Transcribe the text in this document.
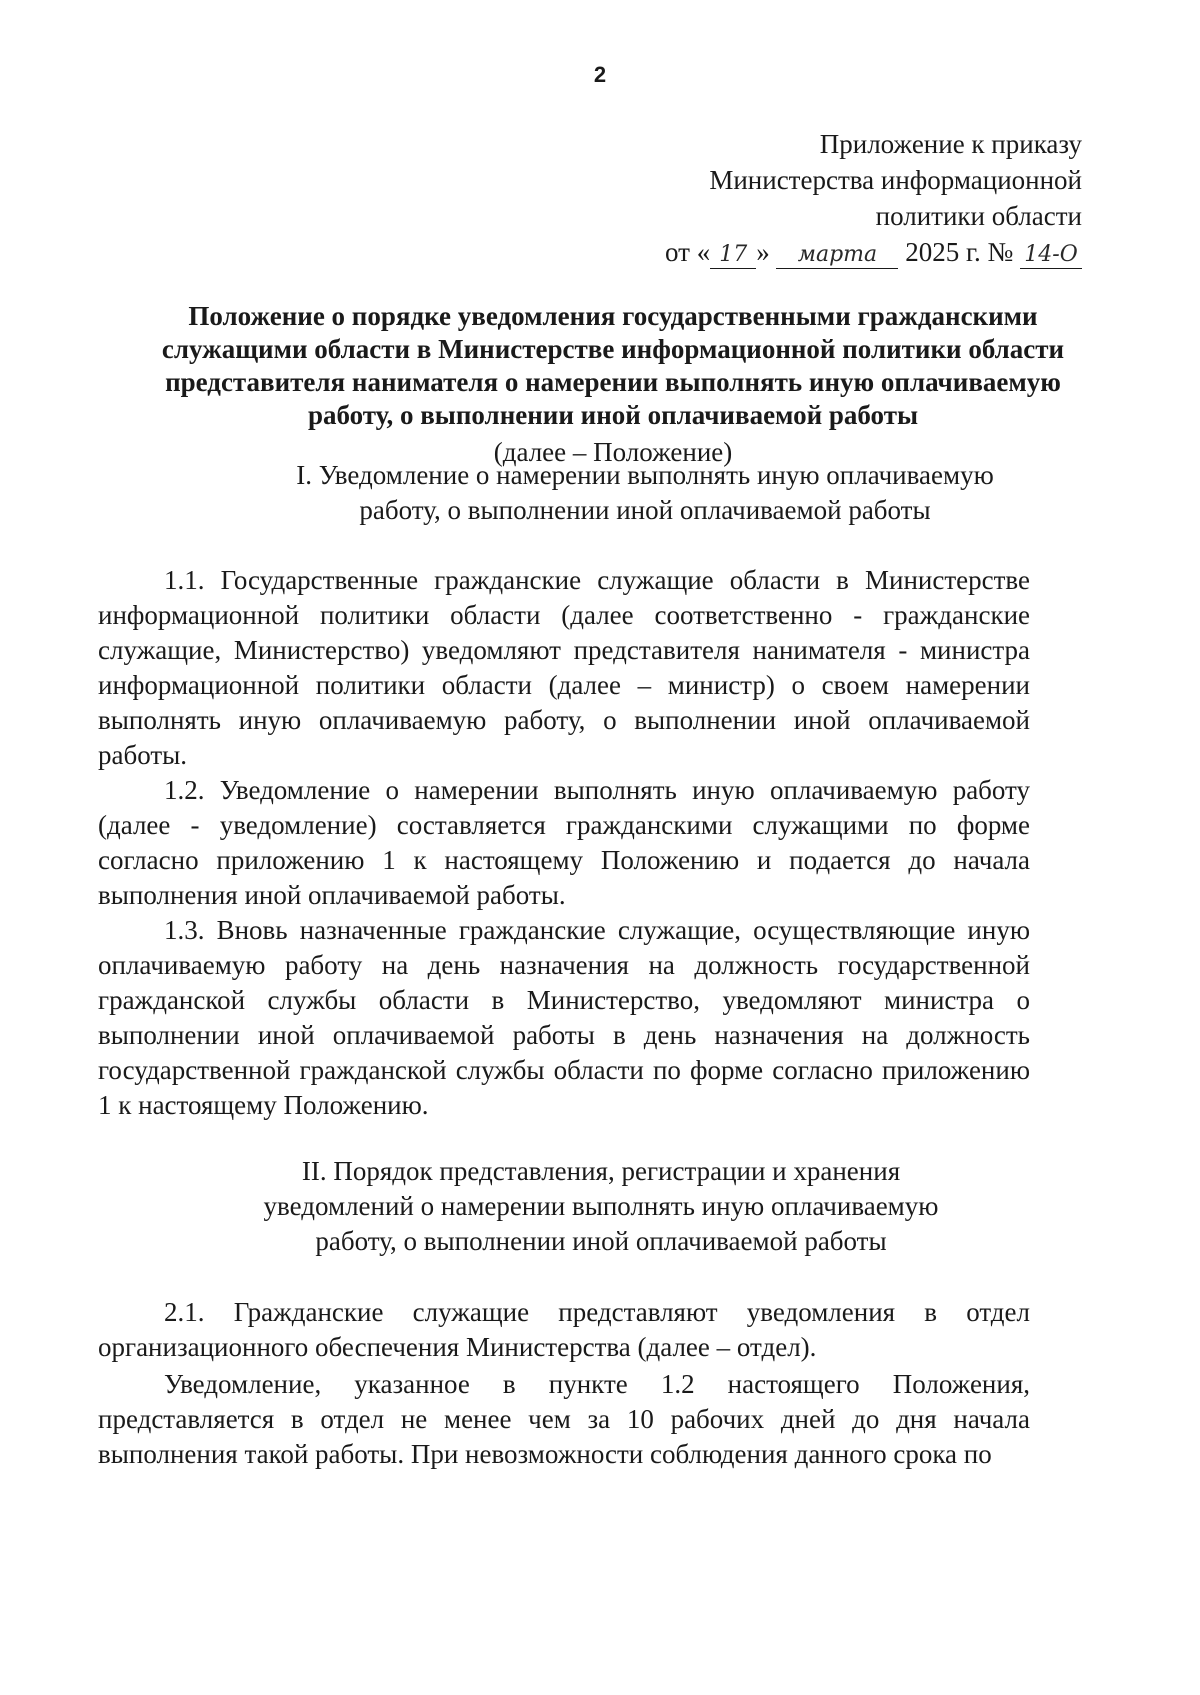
2
Приложение к приказу
Министерства информационной
политики области
от « 17 » марта 2025 г. № 14-О
Положение о порядке уведомления государственными гражданскими
служащими области в Министерстве информационной политики области
представителя нанимателя о намерении выполнять иную оплачиваемую
работу, о выполнении иной оплачиваемой работы
(далее – Положение)
I. Уведомление о намерении выполнять иную оплачиваемую
работу, о выполнении иной оплачиваемой работы

1.1. Государственные гражданские служащие области в Министерстве информационной политики области (далее соответственно - гражданские служащие, Министерство) уведомляют представителя нанимателя - министра информационной политики области (далее – министр) о своем намерении выполнять иную оплачиваемую работу, о выполнении иной оплачиваемой работы.

1.2. Уведомление о намерении выполнять иную оплачиваемую работу (далее - уведомление) составляется гражданскими служащими по форме согласно приложению 1 к настоящему Положению и подается до начала выполнения иной оплачиваемой работы.

1.3. Вновь назначенные гражданские служащие, осуществляющие иную оплачиваемую работу на день назначения на должность государственной гражданской службы области в Министерство, уведомляют министра о выполнении иной оплачиваемой работы в день назначения на должность государственной гражданской службы области по форме согласно приложению 1 к настоящему Положению.

II. Порядок представления, регистрации и хранения
уведомлений о намерении выполнять иную оплачиваемую
работу, о выполнении иной оплачиваемой работы

2.1. Гражданские служащие представляют уведомления в отдел организационного обеспечения Министерства (далее – отдел).

Уведомление, указанное в пункте 1.2 настоящего Положения, представляется в отдел не менее чем за 10 рабочих дней до дня начала выполнения такой работы. При невозможности соблюдения данного срока по
